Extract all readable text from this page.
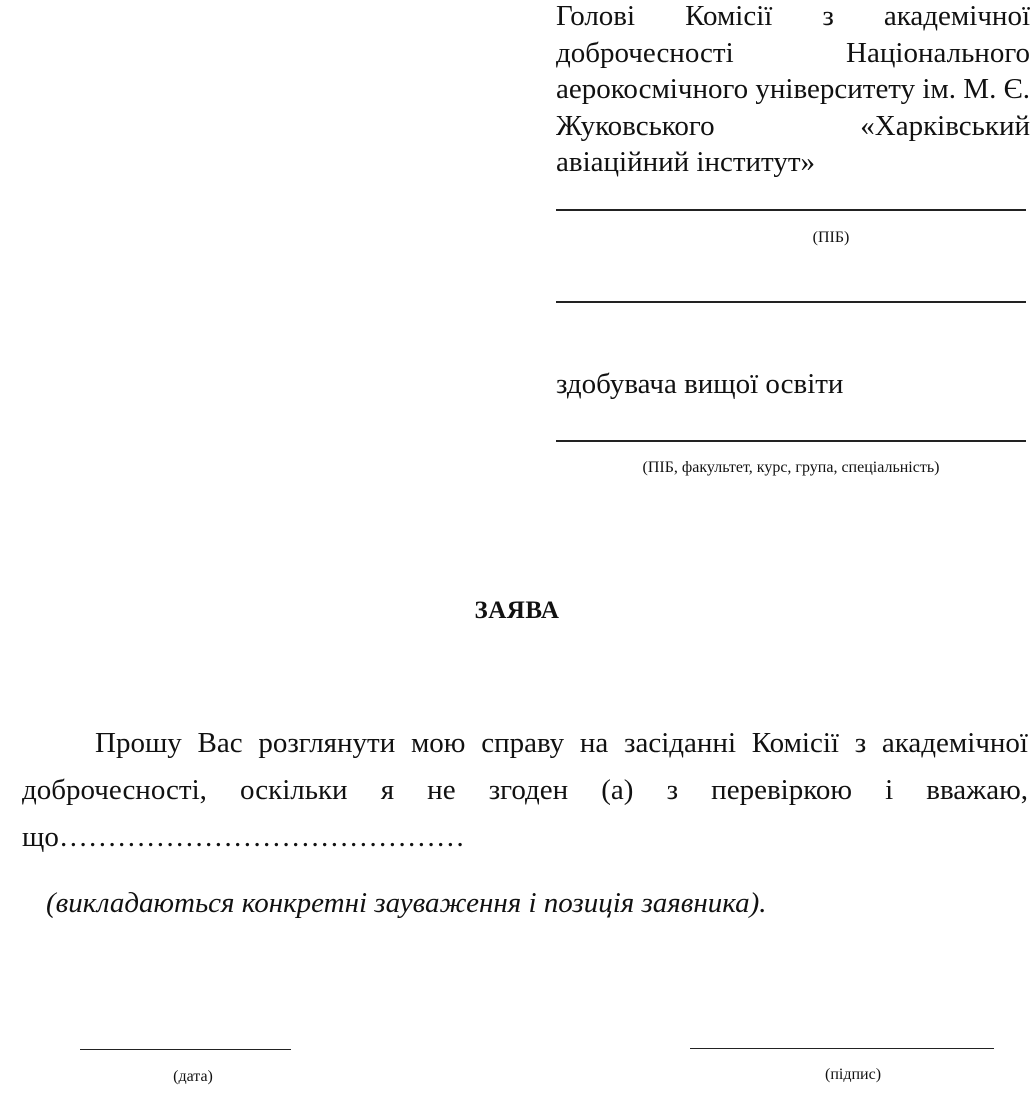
Голові Комісії з академічної доброчесності Національного аерокосмічного університету ім. М. Є. Жуковського «Харківський авіаційний інститут»
(ПІБ)
здобувача вищої освіти
(ПІБ, факультет, курс, група, спеціальність)
ЗАЯВА

Прошу Вас розглянути мою справу на засіданні Комісії з академічної доброчесності, оскільки я не згоден (а) з перевіркою і вважаю, що……………………………………

(викладаються конкретні зауваження і позиція заявника).
(дата)	(підпис)
